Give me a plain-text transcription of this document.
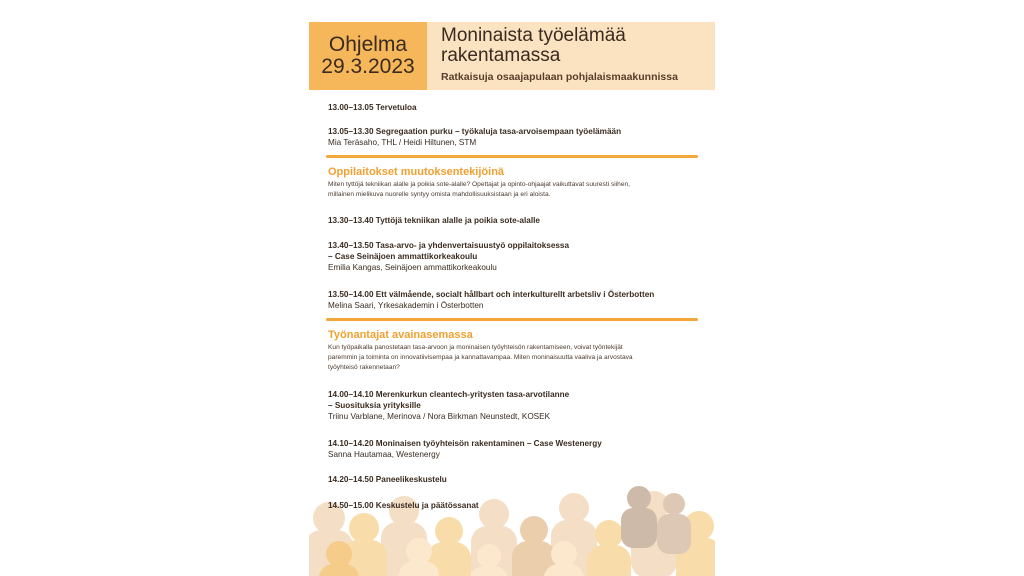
Ohjelma
29.3.2023
Moninaista työelämää
rakentamassa
Ratkaisuja osaajapulaan pohjalaismaakunnissa
13.00–13.05 Tervetuloa
13.05–13.30 Segregaation purku – työkaluja tasa-arvoisempaan työelämään
Mia Teräsaho, THL / Heidi Hiltunen, STM
Oppilaitokset muutoksentekijöinä
Miten tyttöjä tekniikan alalle ja poikia sote-alalle? Opettajat ja opinto-ohjaajat vaikuttavat suuresti siihen,
millainen mielikuva nuorelle syntyy omista mahdollisuuksistaan ja eri aloista.
13.30–13.40 Tyttöjä tekniikan alalle ja poikia sote-alalle
13.40–13.50 Tasa-arvo- ja yhdenvertaisuustyö oppilaitoksessa
– Case Seinäjoen ammattikorkeakoulu
Emilia Kangas, Seinäjoen ammattikorkeakoulu
13.50–14.00 Ett välmående, socialt hållbart och interkulturellt arbetsliv i Österbotten
Melina Saari, Yrkesakademin i Österbotten
Työnantajat avainasemassa
Kun työpaikalla panostetaan tasa-arvoon ja moninaisen työyhteisön rakentamiseen, voivat työntekijät
paremmin ja toiminta on innovatiivisempaa ja kannattavampaa. Miten moninaisuutta vaaliva ja arvostava
työyhteisö rakennetaan?
14.00–14.10 Merenkurkun cleantech-yritysten tasa-arvotilanne
– Suosituksia yrityksille
Triinu Varblane, Merinova / Nora Birkman Neunstedt, KOSEK
14.10–14.20 Moninaisen työyhteisön rakentaminen – Case Westenergy
Sanna Hautamaa, Westenergy
14.20–14.50 Paneelikeskustelu
14.50–15.00 Keskustelu ja päätössanat
